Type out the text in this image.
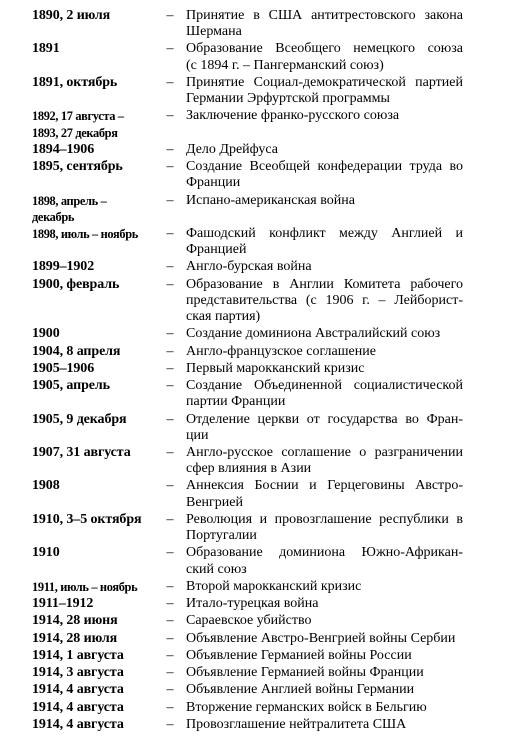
1890, 2 июля	– Принятие в США антитрестовского закона
Шермана
1891	– Образование Всеобщего немецкого союза
(с 1894 г. – Пангерманский союз)
1891, октябрь	– Принятие Социал-демократической партией
Германии Эрфуртской программы
1892, 17 августа –
1893, 27 декабря
– Заключение франко-русского союза
1894–1906	– Дело Дрейфуса
1895, сентябрь	– Создание Всеобщей конфедерации труда во
Франции
1898, апрель – декабрь
– Испано-американская война
1898, июль – ноябрь	– Фашодский конфликт между Англией и
Францией
1899–1902	– Англо-бурская война
1900, февраль	– Образование в Англии Комитета рабочего
представительства (с 1906 г. – Лейборист-
ская партия)
1900	– Создание доминиона Австралийский союз
1904, 8 апреля	– Англо-французское соглашение
1905–1906	– Первый марокканский кризис
1905, апрель	– Создание Объединенной социалистической
партии Франции
1905, 9 декабря	– Отделение церкви от государства во Фран-
ции
1907, 31 августа	– Англо-русское соглашение о разграничении
сфер влияния в Азии
1908	– Аннексия Боснии и Герцеговины Австро-
Венгрией
1910, 3–5 октября	– Революция и провозглашение республики в
Португалии
1910	– Образование доминиона Южно-Африкан-
ский союз
1911, июль – ноябрь	– Второй марокканский кризис
1911–1912	– Итало-турецкая война
1914, 28 июня	– Сараевское убийство
1914, 28 июля	– Объявление Австро-Венгрией войны Сербии
1914, 1 августа	– Объявление Германией войны России
1914, 3 августа	– Объявление Германией войны Франции
1914, 4 августа	– Объявление Англией войны Германии
1914, 4 августа	– Вторжение германских войск в Бельгию
1914, 4 августа	– Провозглашение нейтралитета США
